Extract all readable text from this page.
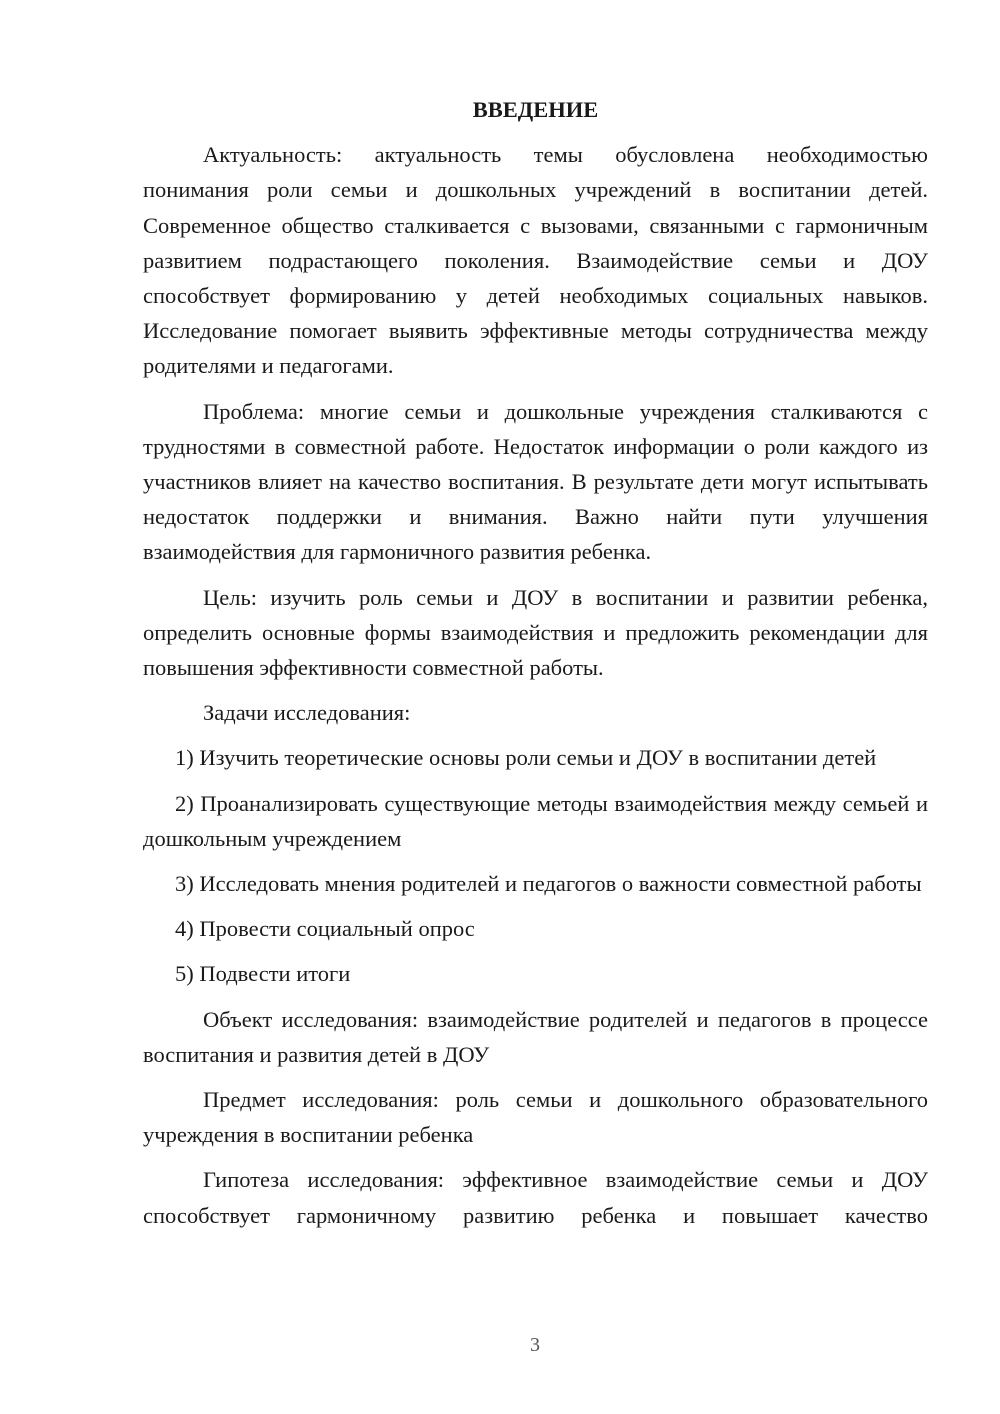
ВВЕДЕНИЕ

Актуальность: актуальность темы обусловлена необходимостью понимания роли семьи и дошкольных учреждений в воспитании детей. Современное общество сталкивается с вызовами, связанными с гармоничным развитием подрастающего поколения. Взаимодействие семьи и ДОУ способствует формированию у детей необходимых социальных навыков. Исследование помогает выявить эффективные методы сотрудничества между родителями и педагогами.

Проблема: многие семьи и дошкольные учреждения сталкиваются с трудностями в совместной работе. Недостаток информации о роли каждого из участников влияет на качество воспитания. В результате дети могут испытывать недостаток поддержки и внимания. Важно найти пути улучшения взаимодействия для гармоничного развития ребенка.

Цель: изучить роль семьи и ДОУ в воспитании и развитии ребенка, определить основные формы взаимодействия и предложить рекомендации для повышения эффективности совместной работы.

Задачи исследования:

1) Изучить теоретические основы роли семьи и ДОУ в воспитании детей

2) Проанализировать существующие методы взаимодействия между семьей и дошкольным учреждением

3) Исследовать мнения родителей и педагогов о важности совместной работы

4) Провести социальный опрос

5) Подвести итоги

Объект исследования: взаимодействие родителей и педагогов в процессе воспитания и развития детей в ДОУ

Предмет исследования: роль семьи и дошкольного образовательного учреждения в воспитании ребенка

Гипотеза исследования: эффективное взаимодействие семьи и ДОУ способствует гармоничному развитию ребенка и повышает качество

3
